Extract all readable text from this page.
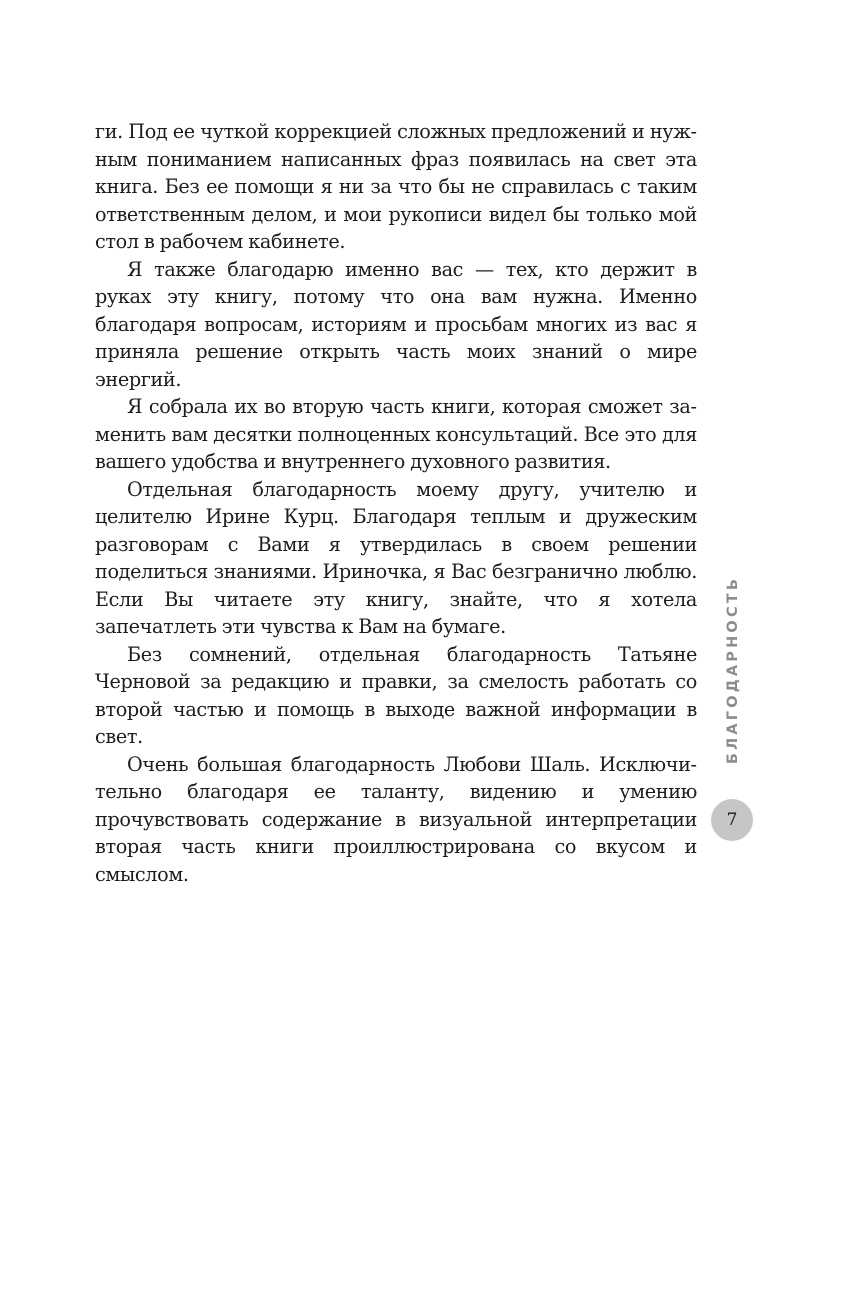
ги. Под ее чуткой коррекцией сложных предложений и нужным пониманием написанных фраз появилась на свет эта книга. Без ее помощи я ни за что бы не справилась с таким ответственным делом, и мои рукописи видел бы только мой стол в рабочем кабинете.

Я также благодарю именно вас — тех, кто держит в руках эту книгу, потому что она вам нужна. Именно благодаря вопросам, историям и просьбам многих из вас я приняла решение открыть часть моих знаний о мире энергий.

Я собрала их во вторую часть книги, которая сможет заменить вам десятки полноценных консультаций. Все это для вашего удобства и внутреннего духовного развития.

Отдельная благодарность моему другу, учителю и целителю Ирине Курц. Благодаря теплым и дружеским разговорам с Вами я утвердилась в своем решении поделиться знаниями. Ириночка, я Вас безгранично люблю. Если Вы читаете эту книгу, знайте, что я хотела запечатлеть эти чувства к Вам на бумаге.

Без сомнений, отдельная благодарность Татьяне Черновой за редакцию и правки, за смелость работать со второй частью и помощь в выходе важной информации в свет.

Очень большая благодарность Любови Шаль. Исключительно благодаря ее таланту, видению и умению прочувствовать содержание в визуальной интерпретации вторая часть книги проиллюстрирована со вкусом и смыслом.

БЛАГОДАРНОСТЬ
7
